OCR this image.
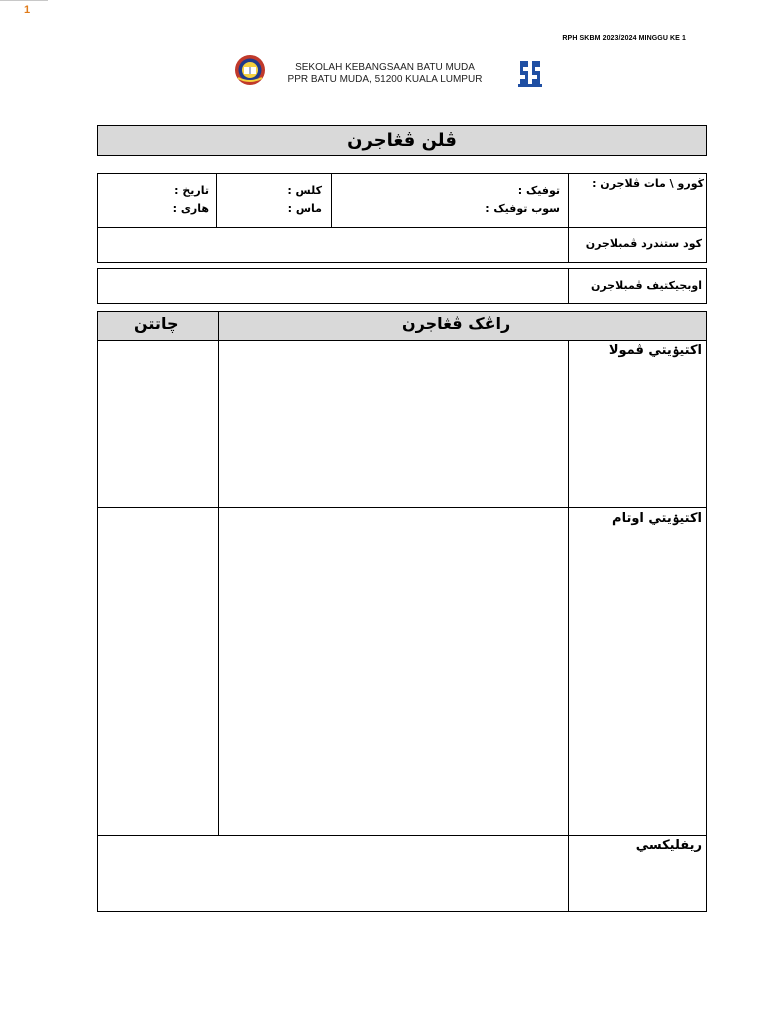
1
RPH SKBM 2023/2024 MINGGU KE 1
SEKOLAH KEBANGSAAN BATU MUDA
PPR BATU MUDA, 51200 KUALA LUMPUR
ڤلن ڤڠاجرن
ڬورو \ مات ڤلاجرن :
توفيک :
سوب توفيک :
كلس :
ماس :
تاريخ :
هاری :
كود ستندرد ڤمبلاجرن
اوبجيكتيف ڤمبلاجرن
راڠک ڤڠاجرن
چاتتن
اكتيۏيتي ڤمولا
اكتيۏيتي اوتام
ريفليكسي
